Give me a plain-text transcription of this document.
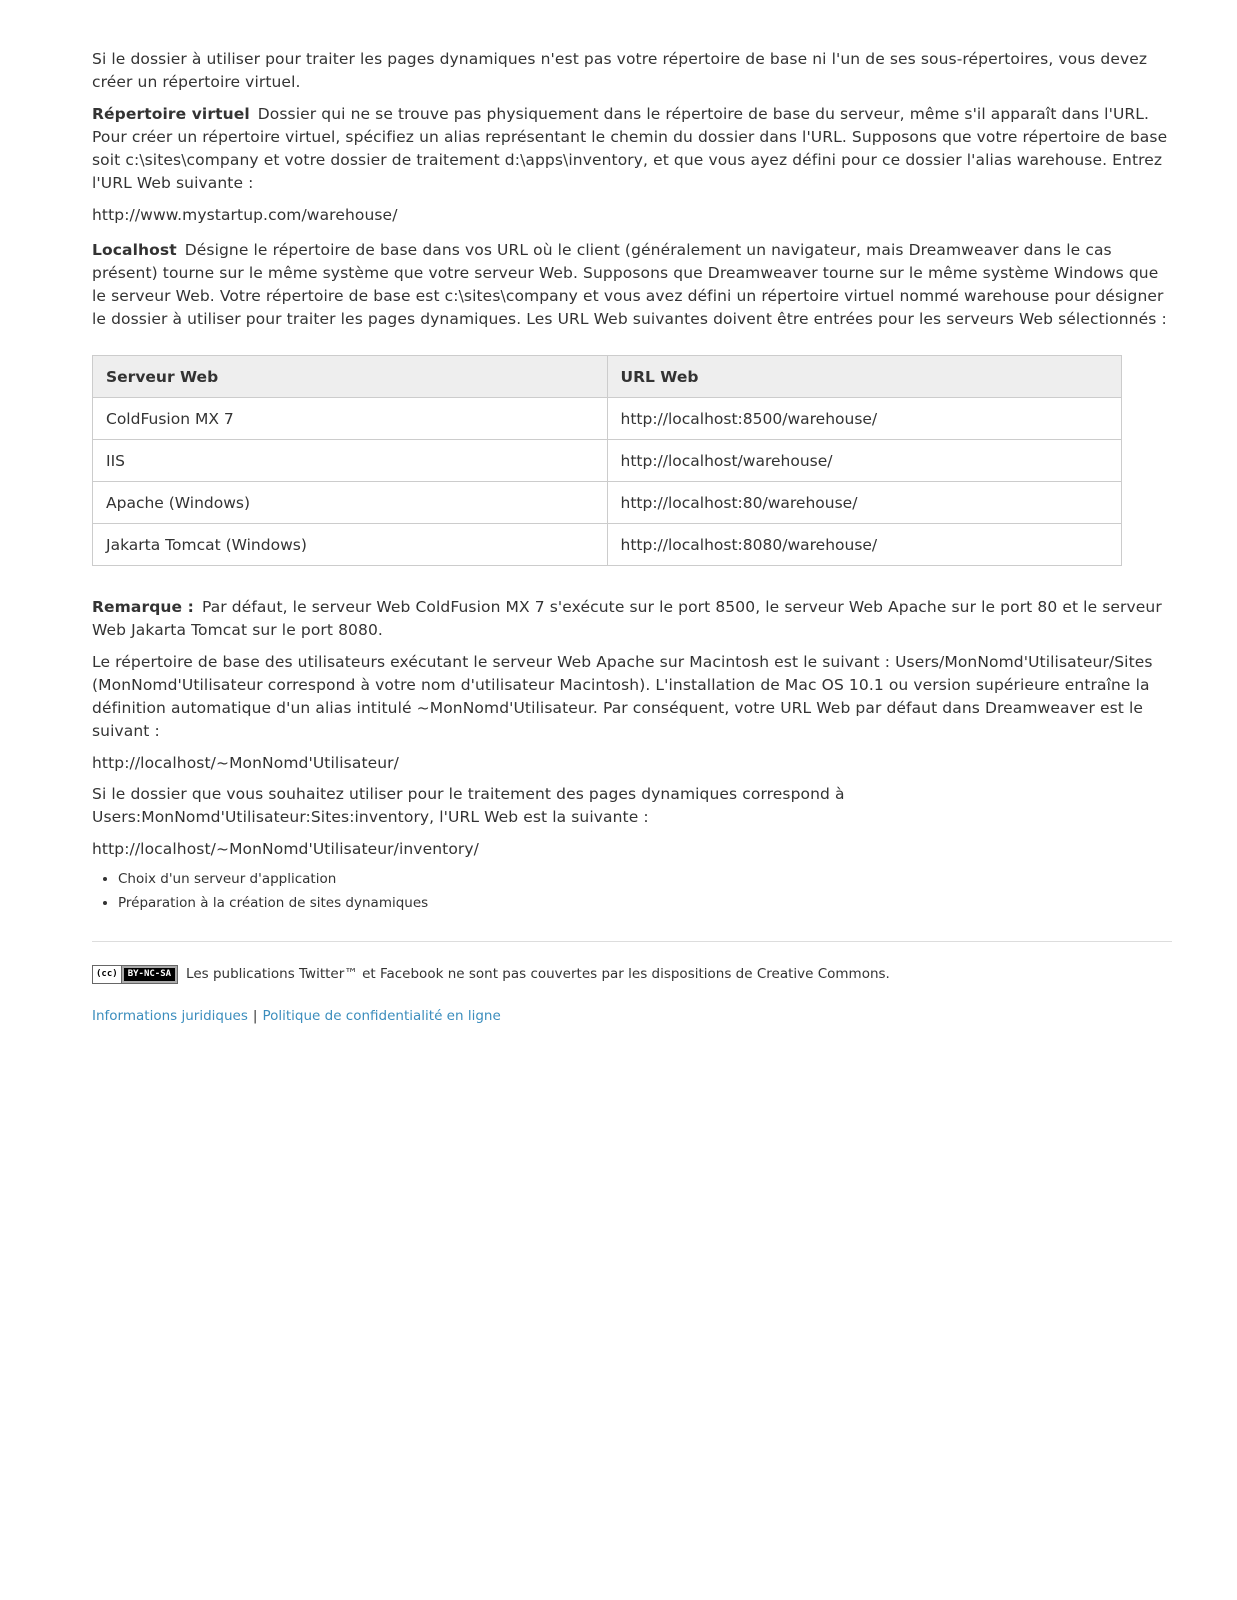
Si le dossier à utiliser pour traiter les pages dynamiques n'est pas votre répertoire de base ni l'un de ses sous-répertoires, vous devez créer un répertoire virtuel.

Répertoire virtuel Dossier qui ne se trouve pas physiquement dans le répertoire de base du serveur, même s'il apparaît dans l'URL. Pour créer un répertoire virtuel, spécifiez un alias représentant le chemin du dossier dans l'URL. Supposons que votre répertoire de base soit c:\sites\company et votre dossier de traitement d:\apps\inventory, et que vous ayez défini pour ce dossier l'alias warehouse. Entrez l'URL Web suivante :

http://www.mystartup.com/warehouse/

Localhost Désigne le répertoire de base dans vos URL où le client (généralement un navigateur, mais Dreamweaver dans le cas présent) tourne sur le même système que votre serveur Web. Supposons que Dreamweaver tourne sur le même système Windows que le serveur Web. Votre répertoire de base est c:\sites\company et vous avez défini un répertoire virtuel nommé warehouse pour désigner le dossier à utiliser pour traiter les pages dynamiques. Les URL Web suivantes doivent être entrées pour les serveurs Web sélectionnés :

Serveur Web	URL Web
ColdFusion MX 7	http://localhost:8500/warehouse/
IIS	http://localhost/warehouse/
Apache (Windows)	http://localhost:80/warehouse/
Jakarta Tomcat (Windows)	http://localhost:8080/warehouse/

Remarque : Par défaut, le serveur Web ColdFusion MX 7 s'exécute sur le port 8500, le serveur Web Apache sur le port 80 et le serveur Web Jakarta Tomcat sur le port 8080.

Le répertoire de base des utilisateurs exécutant le serveur Web Apache sur Macintosh est le suivant : Users/MonNomd'Utilisateur/Sites (MonNomd'Utilisateur correspond à votre nom d'utilisateur Macintosh). L'installation de Mac OS 10.1 ou version supérieure entraîne la définition automatique d'un alias intitulé ~MonNomd'Utilisateur. Par conséquent, votre URL Web par défaut dans Dreamweaver est le suivant :

http://localhost/~MonNomd'Utilisateur/

Si le dossier que vous souhaitez utiliser pour le traitement des pages dynamiques correspond à Users:MonNomd'Utilisateur:Sites:inventory, l'URL Web est la suivante :

http://localhost/~MonNomd'Utilisateur/inventory/

• Choix d'un serveur d'application
• Préparation à la création de sites dynamiques
(cc)	BY-NC-SA Les publications Twitter™ et Facebook ne sont pas couvertes par les dispositions de Creative Commons.
Informations juridiques | Politique de confidentialité en ligne
